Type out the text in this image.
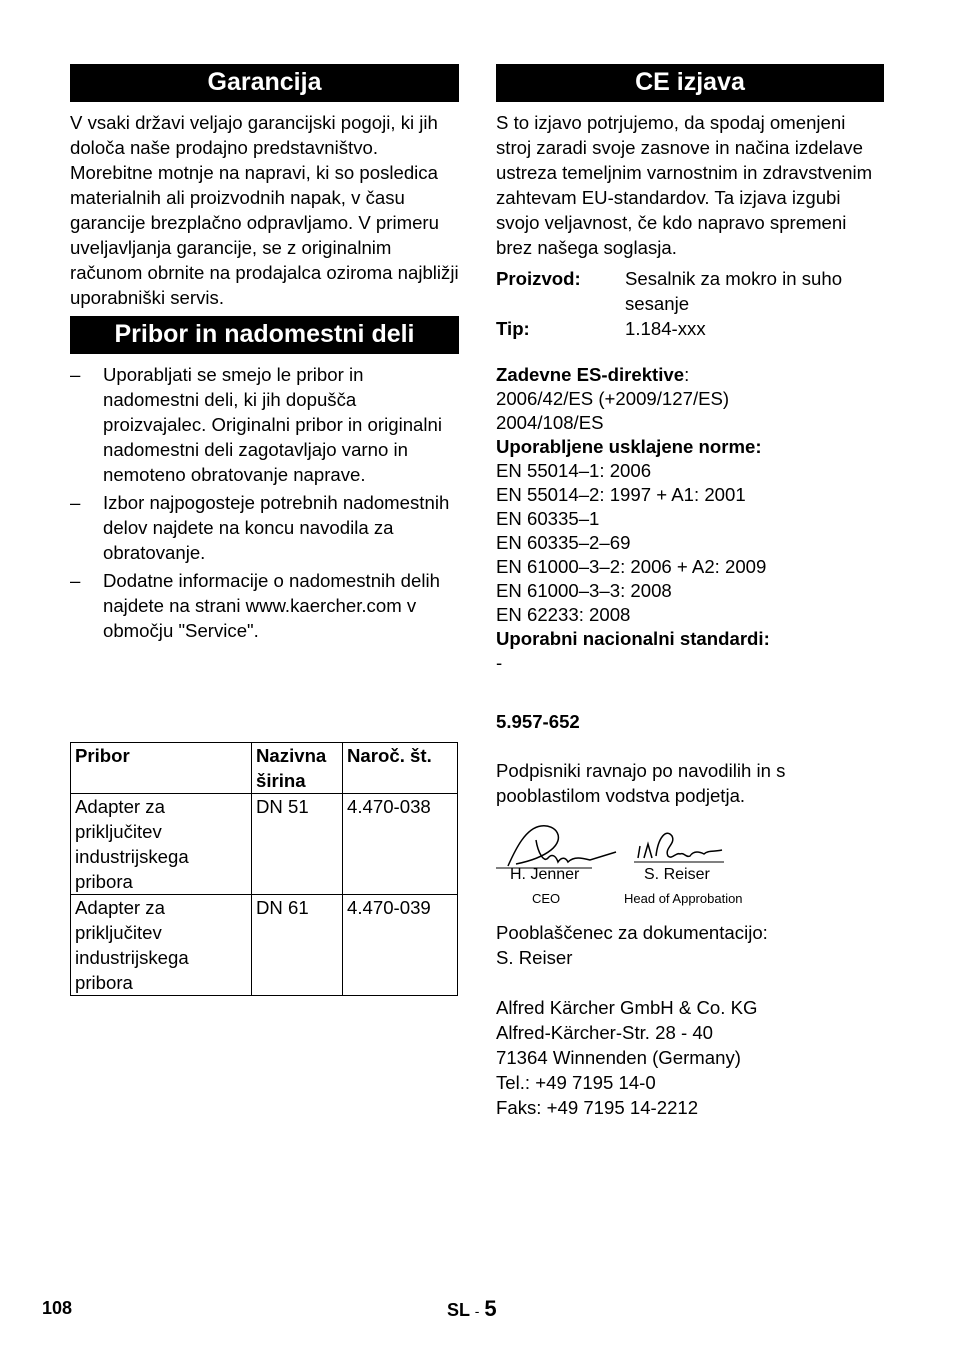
Garancija

V vsaki državi veljajo garancijski pogoji, ki jih določa naše prodajno predstavništvo. Morebitne motnje na napravi, ki so posledica materialnih ali proizvodnih napak, v času garancije brezplačno odpravljamo. V primeru uveljavljanja garancije, se z originalnim računom obrnite na prodajalca oziroma najbližji uporabniški servis.

Pribor in nadomestni deli
– Uporabljati se smejo le pribor in nadomestni deli, ki jih dopušča proizvajalec. Originalni pribor in originalni nadomestni deli zagotavljajo varno in nemoteno obratovanje naprave.
– Izbor najpogosteje potrebnih nadomestnih delov najdete na koncu navodila za obratovanje.
– Dodatne informacije o nadomestnih delih najdete na strani www.kaercher.com v območju "Service".
Pribor	Nazivna širina	Naroč. št.
Adapter za priključitev industrijskega pribora	DN 51	4.470-038
Adapter za priključitev industrijskega pribora	DN 61	4.470-039
CE izjava

S to izjavo potrjujemo, da spodaj omenjeni stroj zaradi svoje zasnove in načina izdelave ustreza temeljnim varnostnim in zdravstvenim zahtevam EU-standardov. Ta izjava izgubi svojo veljavnost, če kdo napravo spremeni brez našega soglasja.

Proizvod:	Sesalnik za mokro in suho sesanje
Tip:	1.184-xxx
Zadevne ES-direktive:
2006/42/ES (+2009/127/ES)
2004/108/ES
Uporabljene usklajene norme:
EN 55014–1: 2006
EN 55014–2: 1997 + A1: 2001
EN 60335–1
EN 60335–2–69
EN 61000–3–2: 2006 + A2: 2009
EN 61000–3–3: 2008
EN 62233: 2008
Uporabni nacionalni standardi:
-
5.957-652

Podpisniki ravnajo po navodilih in s pooblastilom vodstva podjetja.

H. Jenner
CEO
S. Reiser
Head of Approbation
Pooblaščenec za dokumentacijo:
S. Reiser
Alfred Kärcher GmbH & Co. KG
Alfred-Kärcher-Str. 28 - 40
71364 Winnenden (Germany)
Tel.: +49 7195 14-0
Faks: +49 7195 14-2212
108	SL - 5
